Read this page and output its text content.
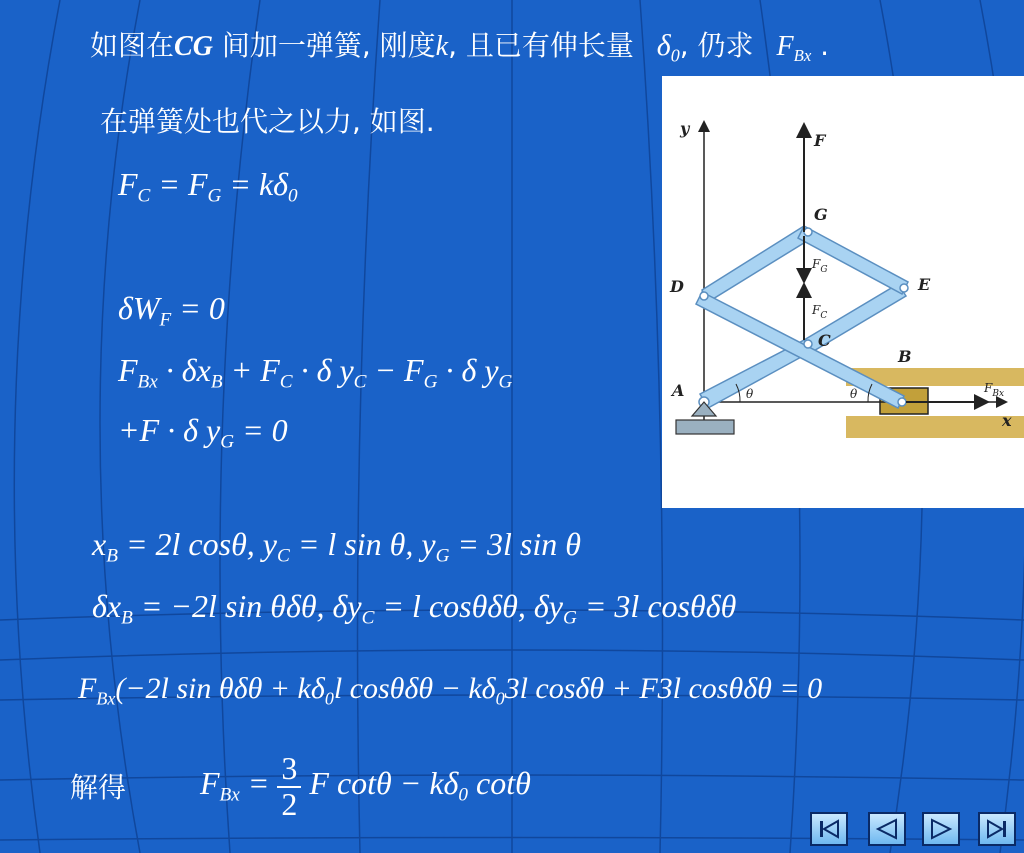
如图在CG 间加一弹簧, 刚度k, 且已有伸长量 $\delta_0$, 仍求 $F_{Bx}$ .
在弹簧处也代之以力, 如图.
$F_C = F_G = k\delta_0$
$\delta W_F = 0$
$F_{Bx} \cdot \delta x_B + F_C \cdot \delta$ $y_C - F_G \cdot \delta$ $y_G$
+F · δ $y_G = 0$
$x_B = 2l$ cosθ, $y_C = l$ sin θ, $y_G = 3l$ sin θ
$\delta x_B = -2l$ sin θδθ, $\delta y_C = l$ cosθδθ, $\delta y_G = 3l$ cosθδθ
$F_{Bx}(-2l$ $\sin \theta\delta\theta + k\delta_0l$ $\cos\theta\delta\theta - k\delta_03l$ cosδθ + F3l cosθδθ = 0
解得 $F_{Bx} = \frac{3}{2}$ F $\cot\theta - k\delta_0$ cotθ
y
x
F
G
$F_G$
D	E
$F_C$
C
B
A	θ	θ	$F_{Bx}$
